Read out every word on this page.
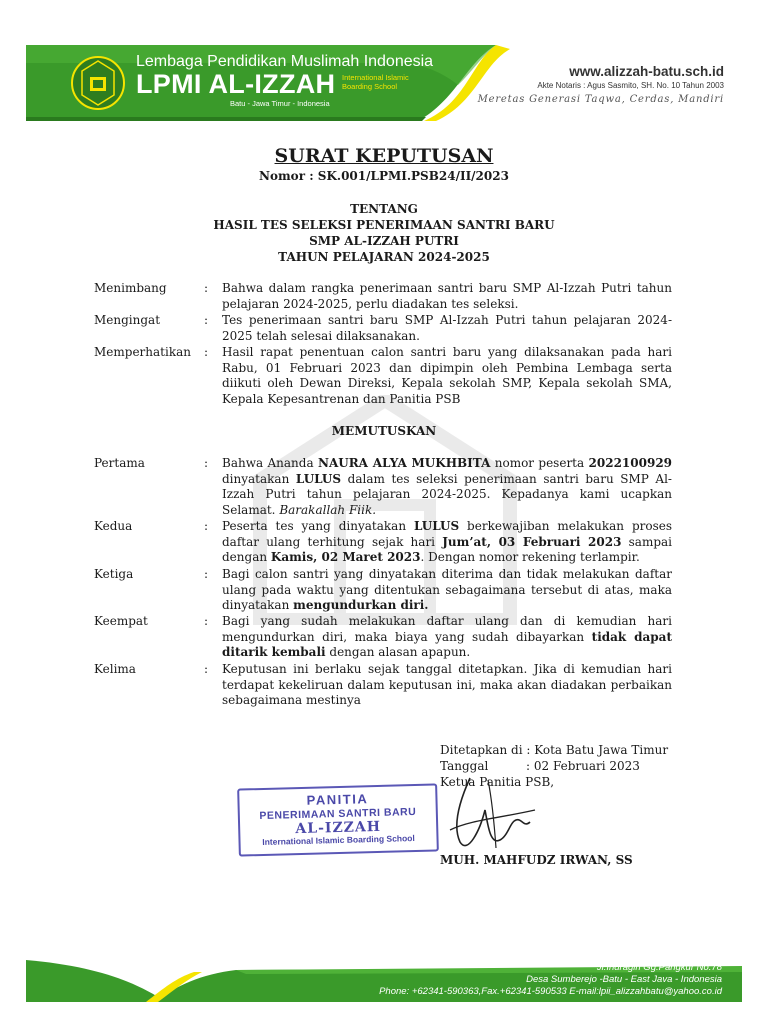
Lembaga Pendidikan Muslimah Indonesia
LPMI AL-IZZAH International Islamic Boarding School
Batu - Jawa Timur - Indonesia
www.alizzah-batu.sch.id
Akte Notaris : Agus Sasmito, SH. No. 10 Tahun 2003
Meretas Generasi Taqwa, Cerdas, Mandiri
SURAT KEPUTUSAN
Nomor : SK.001/LPMI.PSB24/II/2023
TENTANG
HASIL TES SELEKSI PENERIMAAN SANTRI BARU
SMP AL-IZZAH PUTRI
TAHUN PELAJARAN 2024-2025
Menimbang	: Bahwa dalam rangka penerimaan santri baru SMP Al-Izzah Putri tahun pelajaran 2024-2025, perlu diadakan tes seleksi.
Mengingat	: Tes penerimaan santri baru SMP Al-Izzah Putri tahun pelajaran 2024-2025 telah selesai dilaksanakan.
Memperhatikan : Hasil rapat penentuan calon santri baru yang dilaksanakan pada hari Rabu, 01 Februari 2023 dan dipimpin oleh Pembina Lembaga serta diikuti oleh Dewan Direksi, Kepala sekolah SMP, Kepala sekolah SMA, Kepala Kepesantrenan dan Panitia PSB
MEMUTUSKAN
Pertama	: Bahwa Ananda NAURA ALYA MUKHBITA nomor peserta 2022100929 dinyatakan LULUS dalam tes seleksi penerimaan santri baru SMP Al-Izzah Putri tahun pelajaran 2024-2025. Kepadanya kami ucapkan Selamat. Barakallah Fiik.
Kedua	: Peserta tes yang dinyatakan LULUS berkewajiban melakukan proses daftar ulang terhitung sejak hari Jum’at, 03 Februari 2023 sampai dengan Kamis, 02 Maret 2023. Dengan nomor rekening terlampir.
Ketiga	: Bagi calon santri yang dinyatakan diterima dan tidak melakukan daftar ulang pada waktu yang ditentukan sebagaimana tersebut di atas, maka dinyatakan mengundurkan diri.
Keempat	: Bagi yang sudah melakukan daftar ulang dan di kemudian hari mengundurkan diri, maka biaya yang sudah dibayarkan tidak dapat ditarik kembali dengan alasan apapun.
Kelima	: Keputusan ini berlaku sejak tanggal ditetapkan. Jika di kemudian hari terdapat kekeliruan dalam keputusan ini, maka akan diadakan perbaikan sebagaimana mestinya
Ditetapkan di : Kota Batu Jawa Timur
Tanggal	: 02 Februari 2023
Ketua Panitia PSB,
PANITIA
PENERIMAAN SANTRI BARU
AL-IZZAH
International Islamic Boarding School
MUH. MAHFUDZ IRWAN, SS
Jl.Indragiri Gg.Pangkur No.78
Desa Sumberejo -Batu - East Java - Indonesia
Phone: +62341-590363,Fax.+62341-590533 E-mail:lpii_alizzahbatu@yahoo.co.id
